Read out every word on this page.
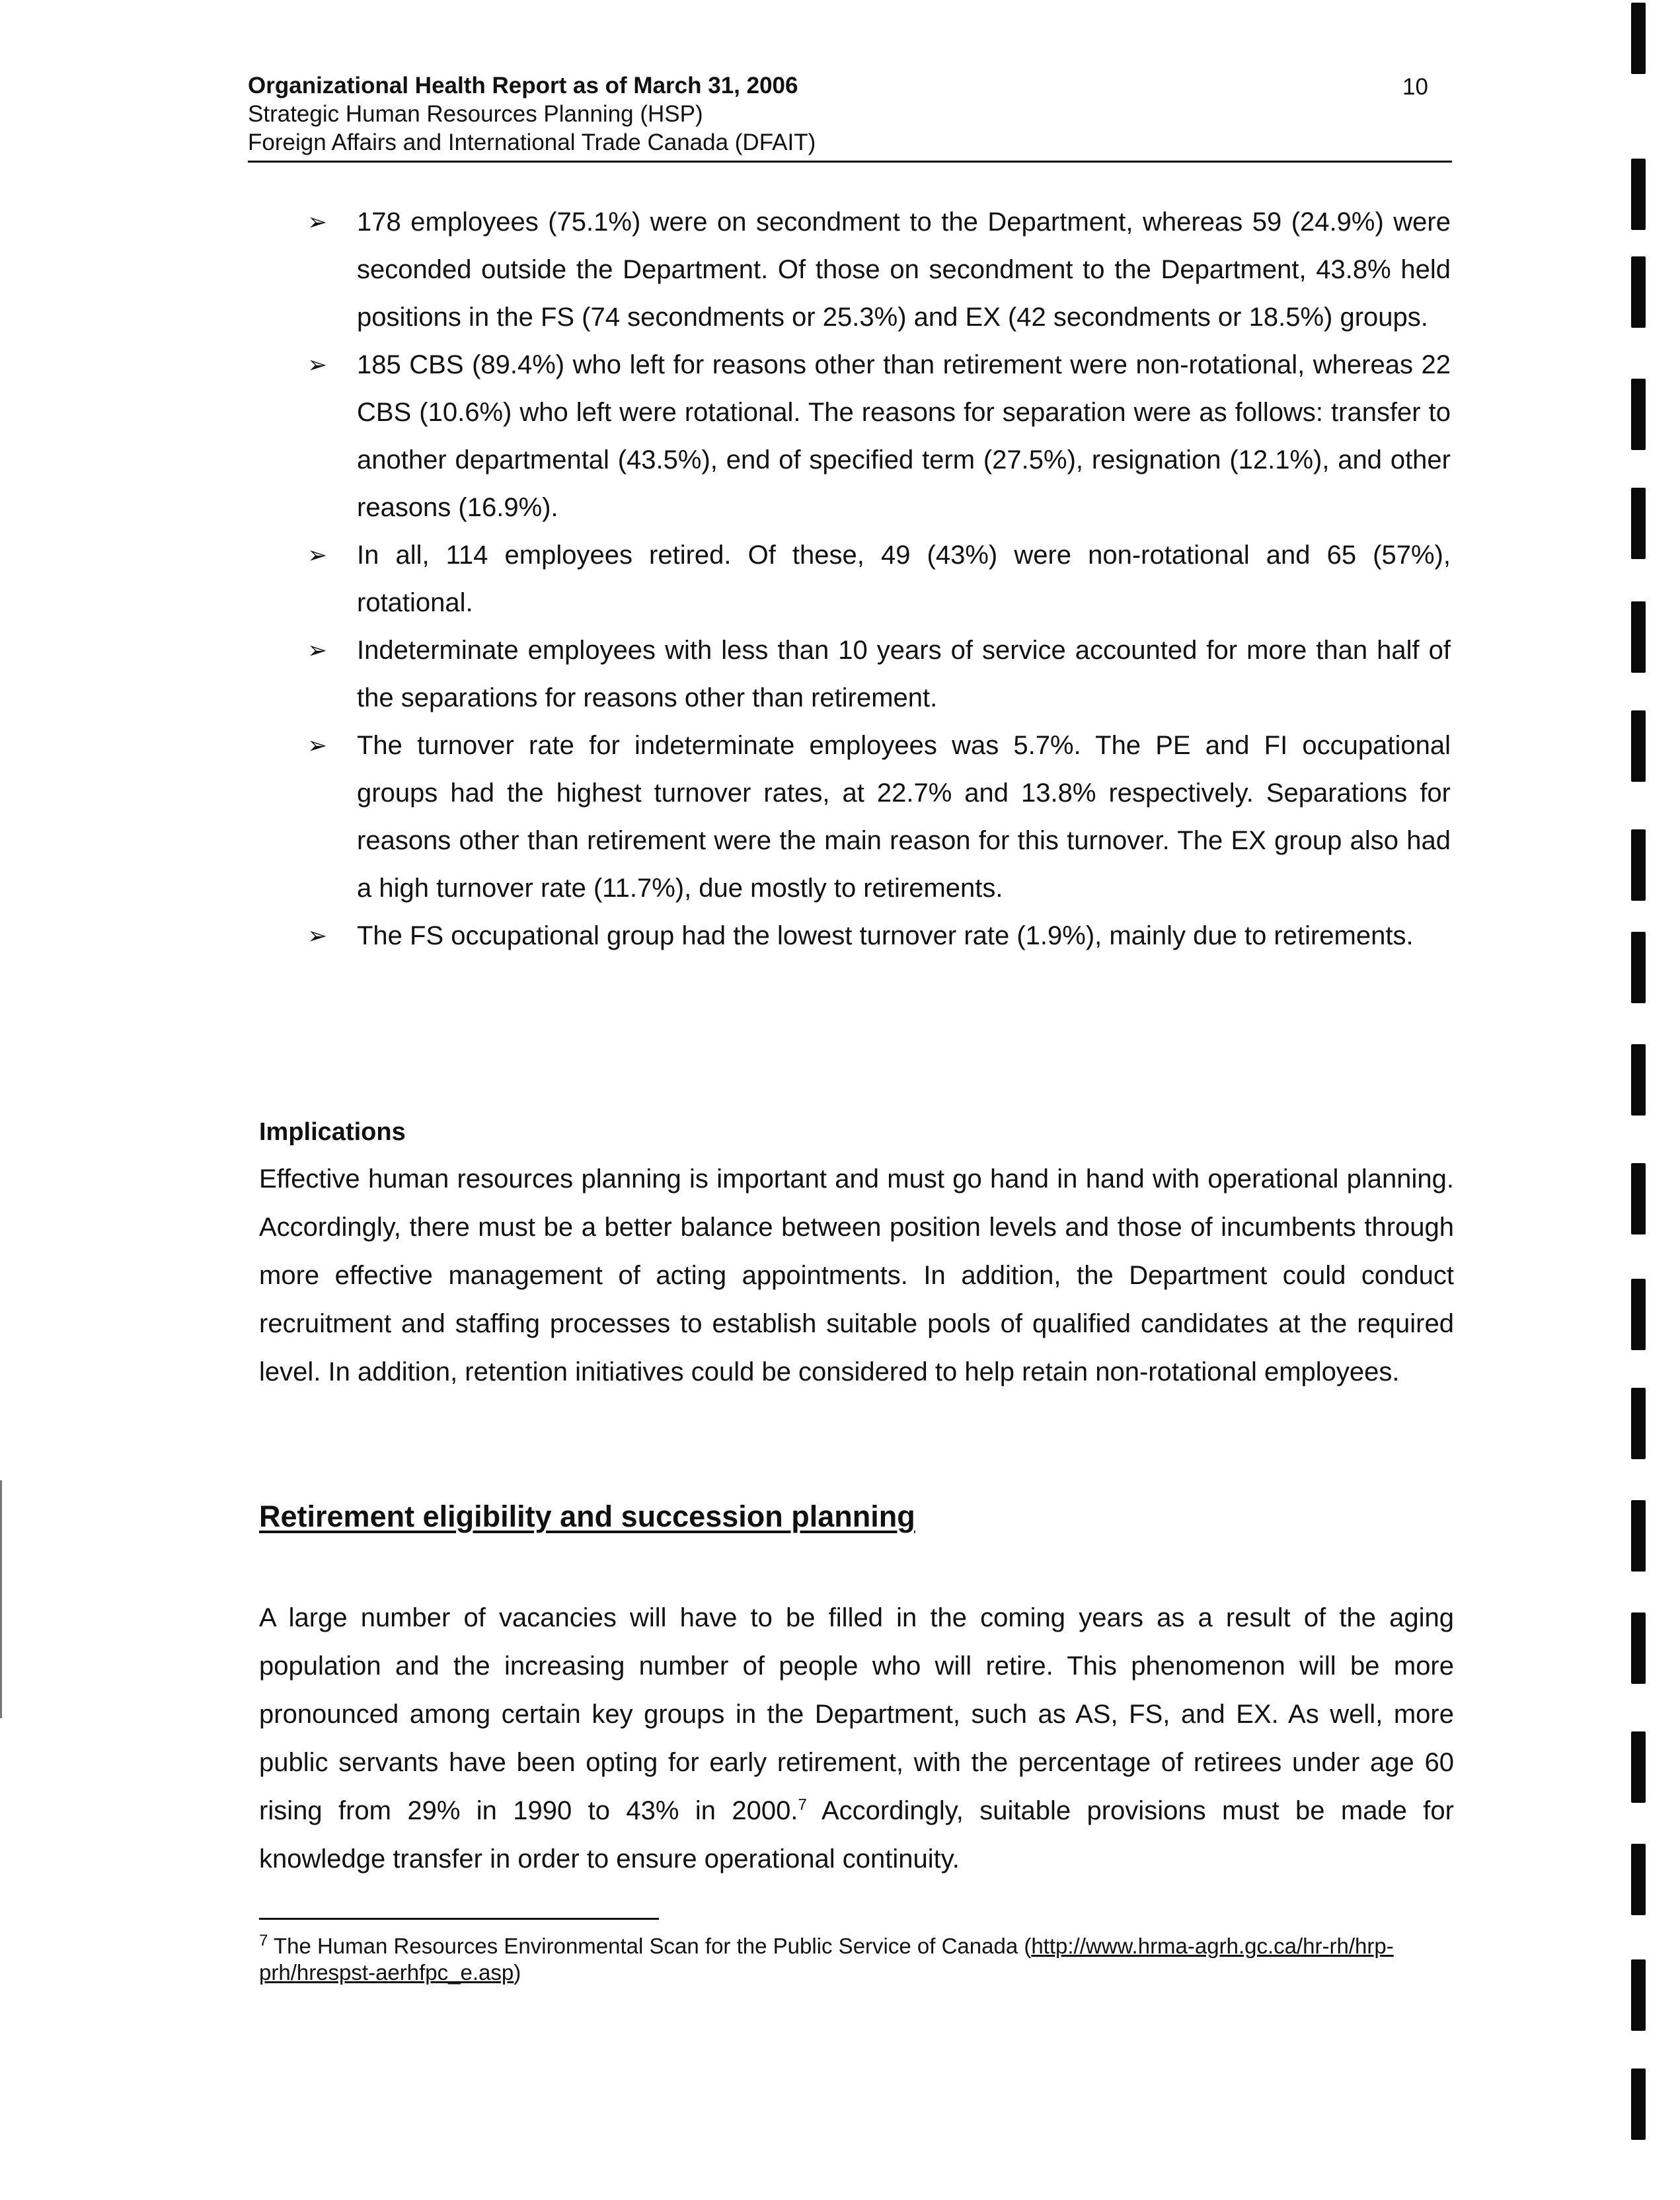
Organizational Health Report as of March 31, 2006
Strategic Human Resources Planning (HSP)
Foreign Affairs and International Trade Canada (DFAIT)
10
➢ 178 employees (75.1%) were on secondment to the Department, whereas 59 (24.9%) were seconded outside the Department. Of those on secondment to the Department, 43.8% held positions in the FS (74 secondments or 25.3%) and EX (42 secondments or 18.5%) groups.
➢ 185 CBS (89.4%) who left for reasons other than retirement were non-rotational, whereas 22 CBS (10.6%) who left were rotational. The reasons for separation were as follows: transfer to another departmental (43.5%), end of specified term (27.5%), resignation (12.1%), and other reasons (16.9%).
➢ In all, 114 employees retired. Of these, 49 (43%) were non-rotational and 65 (57%), rotational.
➢ Indeterminate employees with less than 10 years of service accounted for more than half of the separations for reasons other than retirement.
➢ The turnover rate for indeterminate employees was 5.7%. The PE and FI occupational groups had the highest turnover rates, at 22.7% and 13.8% respectively. Separations for reasons other than retirement were the main reason for this turnover. The EX group also had a high turnover rate (11.7%), due mostly to retirements.
➢ The FS occupational group had the lowest turnover rate (1.9%), mainly due to retirements.
Implications

Effective human resources planning is important and must go hand in hand with operational planning. Accordingly, there must be a better balance between position levels and those of incumbents through more effective management of acting appointments. In addition, the Department could conduct recruitment and staffing processes to establish suitable pools of qualified candidates at the required level. In addition, retention initiatives could be considered to help retain non-rotational employees.

Retirement eligibility and succession planning

A large number of vacancies will have to be filled in the coming years as a result of the aging population and the increasing number of people who will retire. This phenomenon will be more pronounced among certain key groups in the Department, such as AS, FS, and EX. As well, more public servants have been opting for early retirement, with the percentage of retirees under age 60 rising from 29% in 1990 to 43% in 2000.$^7$ Accordingly, suitable provisions must be made for knowledge transfer in order to ensure operational continuity.

$^7$ The Human Resources Environmental Scan for the Public Service of Canada (http://www.hrma-agrh.gc.ca/hr-rh/hrp-prh/hrespst-aerhfpc_e.asp)
